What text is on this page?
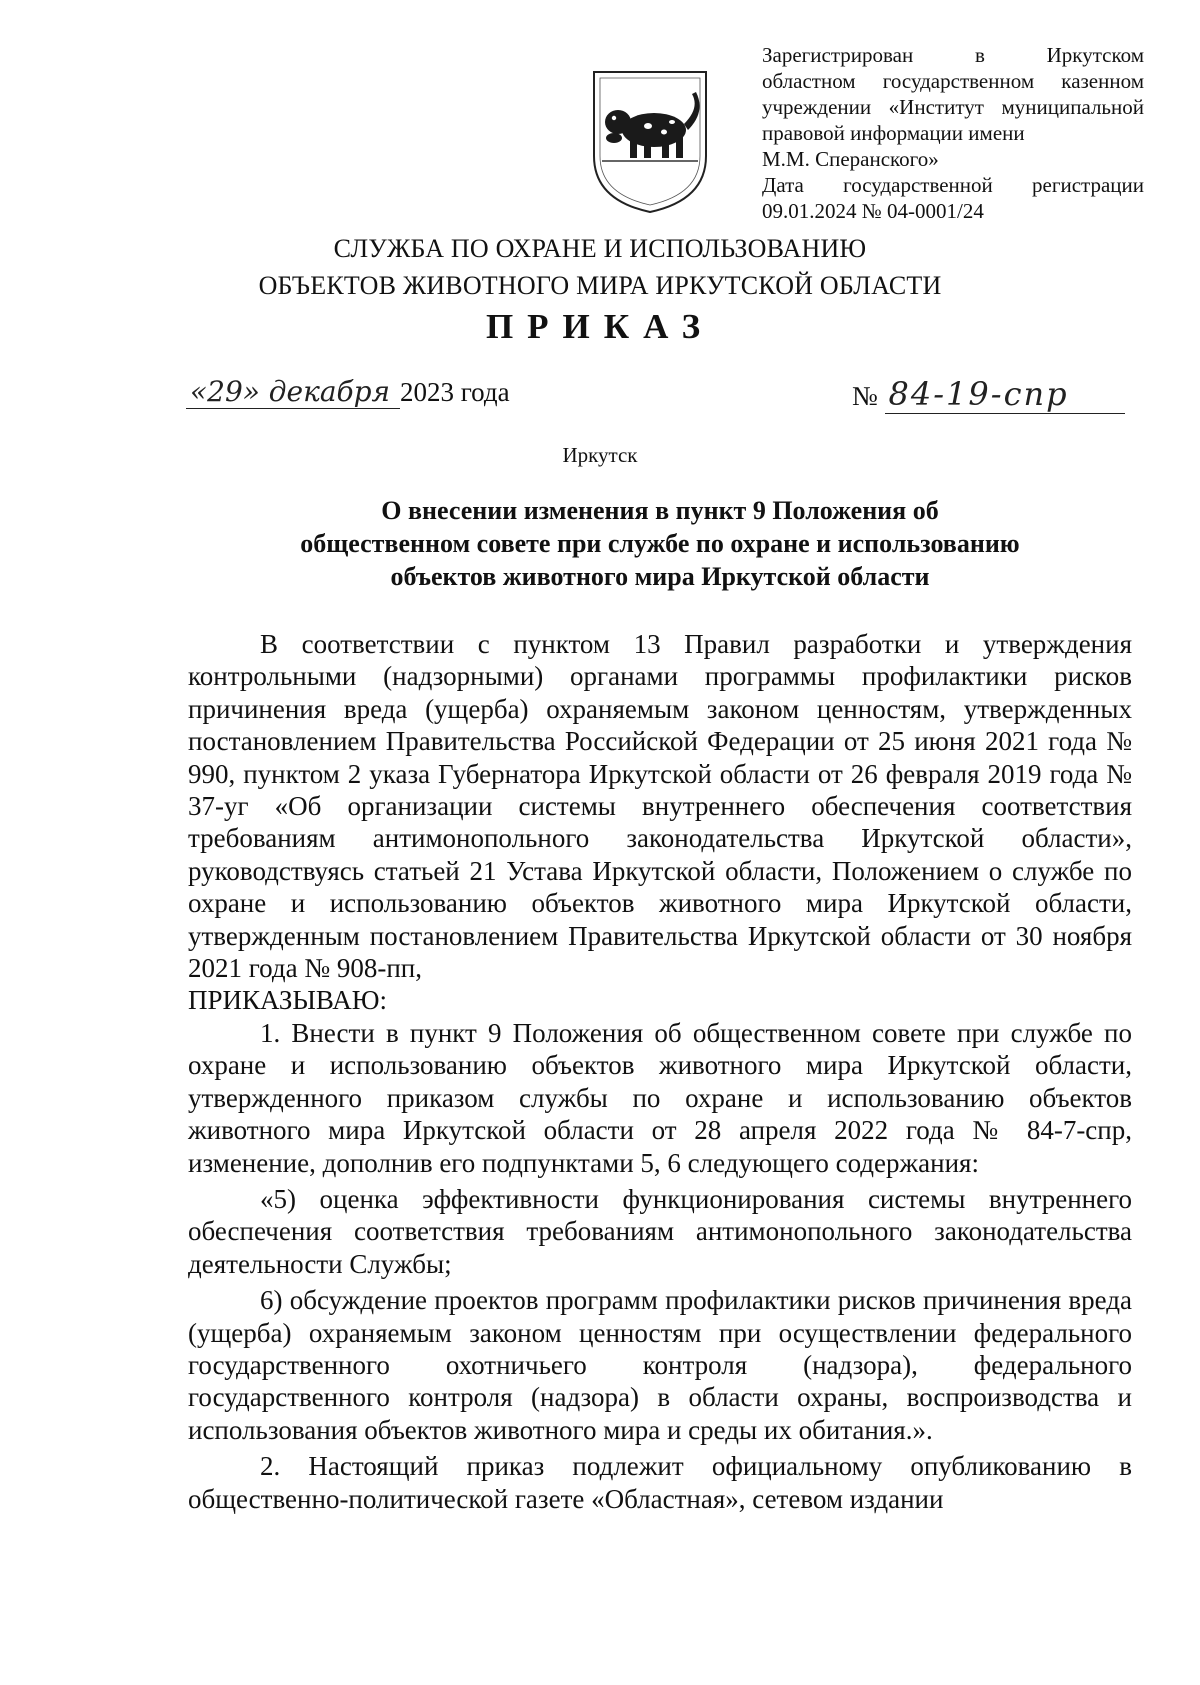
Зарегистрирован в Иркутском
областном государственном казенном
учреждении «Институт муниципальной
правовой информации имени
М.М. Сперанского»
Дата государственной регистрации
09.01.2024 № 04-0001/24
СЛУЖБА ПО ОХРАНЕ И ИСПОЛЬЗОВАНИЮ
ОБЪЕКТОВ ЖИВОТНОГО МИРА ИРКУТСКОЙ ОБЛАСТИ
ПРИКАЗ
«29» декабря 2023 года	№ 84-19-спр
Иркутск
О внесении изменения в пункт 9 Положения об
общественном совете при службе по охране и использованию
объектов животного мира Иркутской области

В соответствии с пунктом 13 Правил разработки и утверждения контрольными (надзорными) органами программы профилактики рисков причинения вреда (ущерба) охраняемым законом ценностям, утвержденных постановлением Правительства Российской Федерации от 25 июня 2021 года № 990, пунктом 2 указа Губернатора Иркутской области от 26 февраля 2019 года № 37-уг «Об организации системы внутреннего обеспечения соответствия требованиям антимонопольного законодательства Иркутской области», руководствуясь статьей 21 Устава Иркутской области, Положением о службе по охране и использованию объектов животного мира Иркутской области, утвержденным постановлением Правительства Иркутской области от 30 ноября 2021 года № 908-пп,

ПРИКАЗЫВАЮ:

1. Внести в пункт 9 Положения об общественном совете при службе по охране и использованию объектов животного мира Иркутской области, утвержденного приказом службы по охране и использованию объектов животного мира Иркутской области от 28 апреля 2022 года № 84-7-спр, изменение, дополнив его подпунктами 5, 6 следующего содержания:

«5) оценка эффективности функционирования системы внутреннего обеспечения соответствия требованиям антимонопольного законодательства деятельности Службы;

6) обсуждение проектов программ профилактики рисков причинения вреда (ущерба) охраняемым законом ценностям при осуществлении федерального государственного охотничьего контроля (надзора), федерального государственного контроля (надзора) в области охраны, воспроизводства и использования объектов животного мира и среды их обитания.».

2. Настоящий приказ подлежит официальному опубликованию в общественно-политической газете «Областная», сетевом издании
